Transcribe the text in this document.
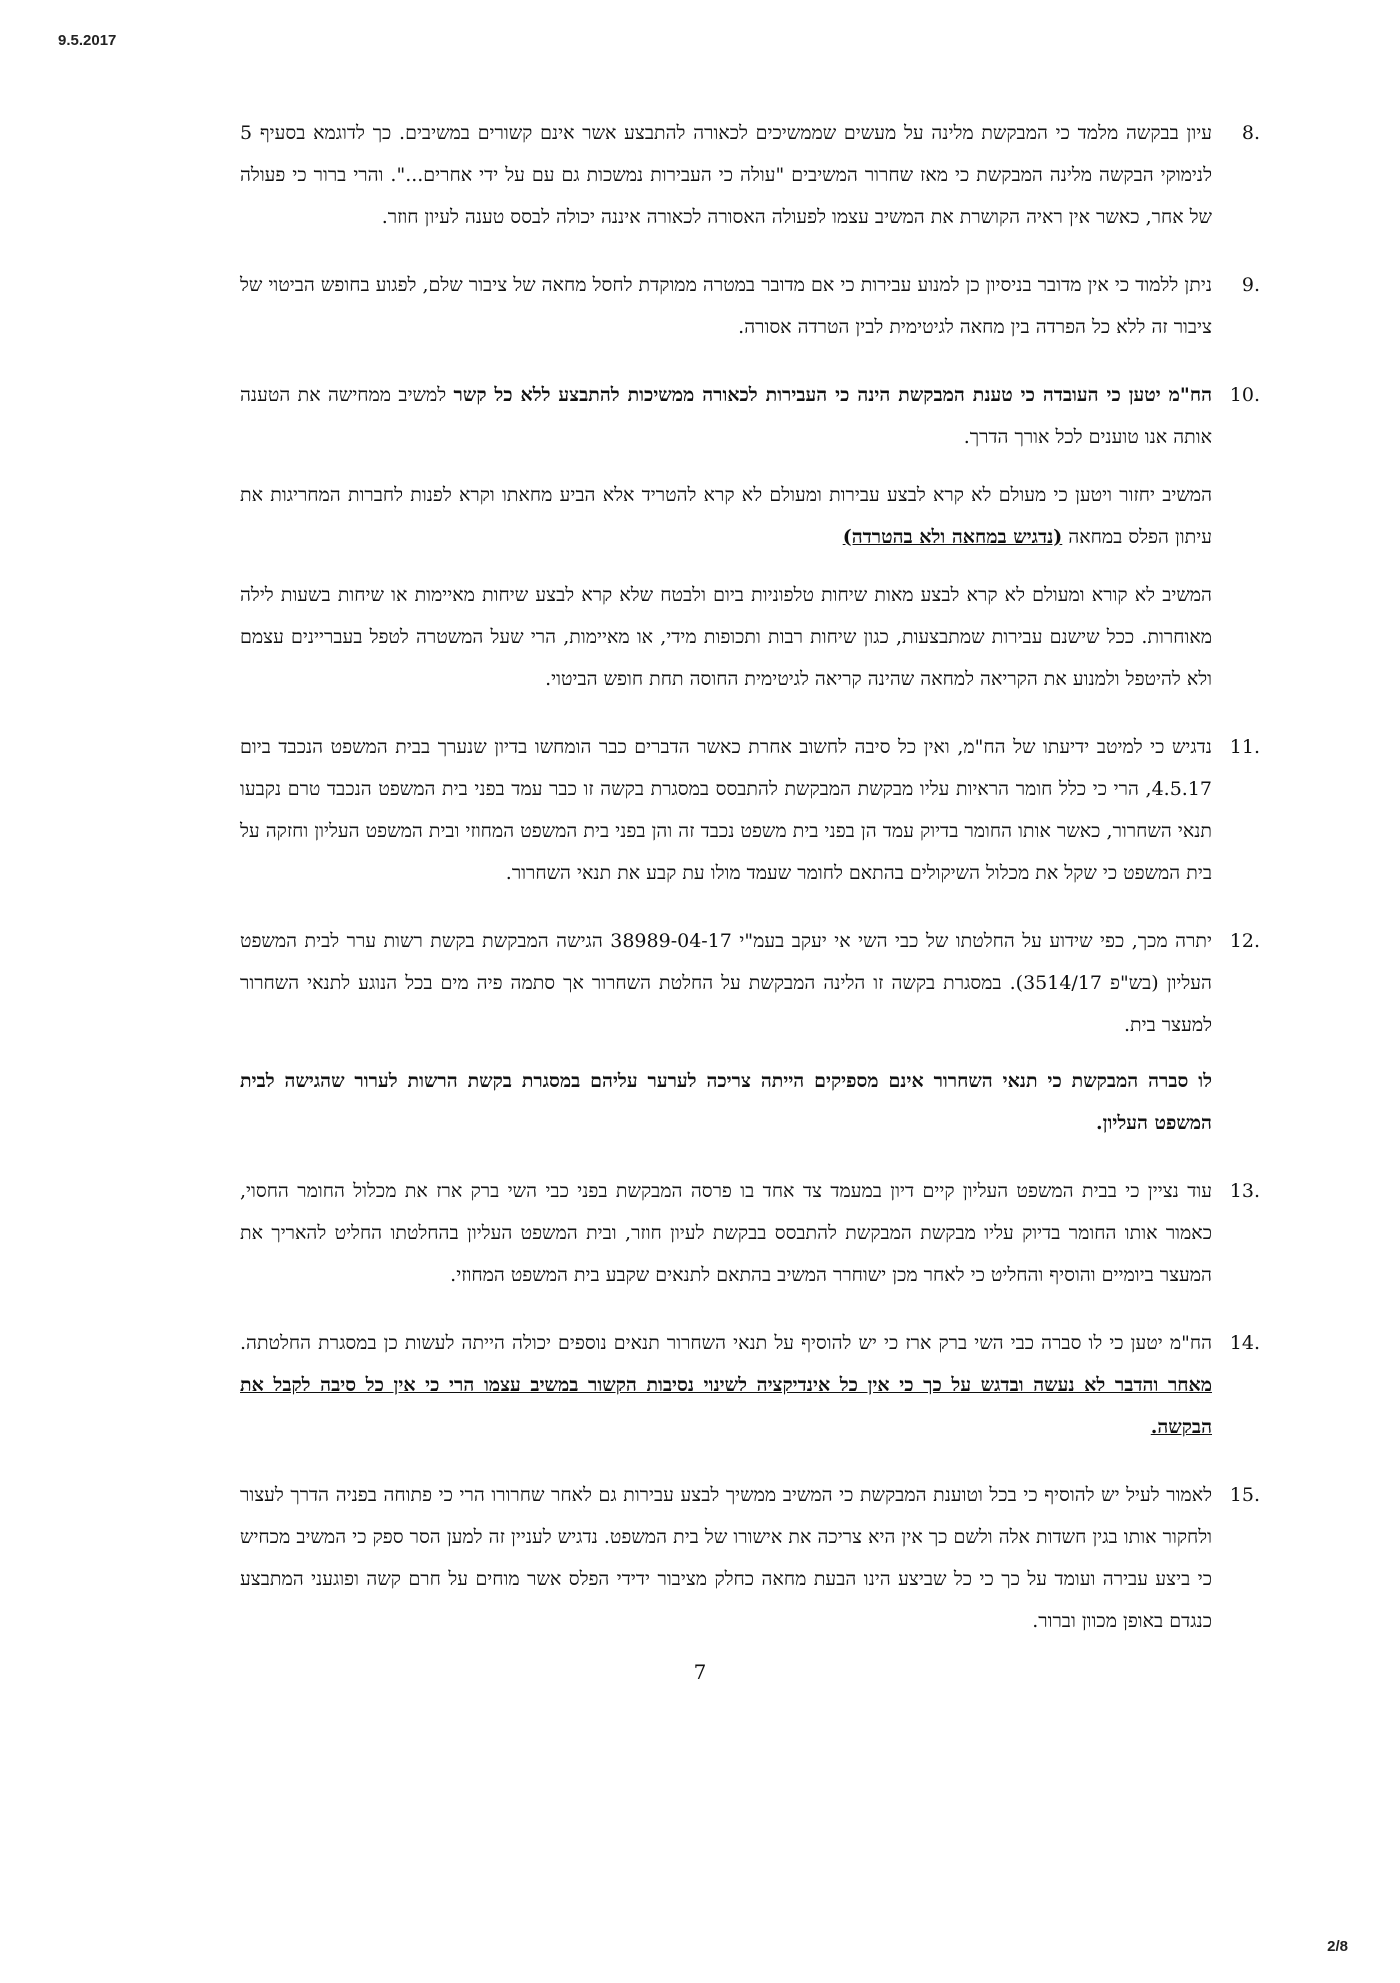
9.5.2017
8.
עיון בבקשה מלמד כי המבקשת מלינה על מעשים שממשיכים לכאורה להתבצע אשר אינם קשורים במשיבים. כך לדוגמא בסעיף 5 לנימוקי הבקשה מלינה המבקשת כי מאז שחרור המשיבים "עולה כי העבירות נמשכות גם עם על ידי אחרים...". והרי ברור כי פעולה של אחר, כאשר אין ראיה הקושרת את המשיב עצמו לפעולה האסורה לכאורה איננה יכולה לבסס טענה לעיון חוזר.
9.
ניתן ללמוד כי אין מדובר בניסיון כן למנוע עבירות כי אם מדובר במטרה ממוקדת לחסל מחאה של ציבור שלם, לפגוע בחופש הביטוי של ציבור זה ללא כל הפרדה בין מחאה לגיטימית לבין הטרדה אסורה.
10.
הח"מ יטען כי העובדה כי טענת המבקשת הינה כי העבירות לכאורה ממשיכות להתבצע ללא כל קשר למשיב ממחישה את הטענה אותה אנו טוענים לכל אורך הדרך.
המשיב יחזור ויטען כי מעולם לא קרא לבצע עבירות ומעולם לא קרא להטריד אלא הביע מחאתו וקרא לפנות לחברות המחריגות את עיתון הפלס במחאה (נדגיש במחאה ולא בהטרדה)
המשיב לא קורא ומעולם לא קרא לבצע מאות שיחות טלפוניות ביום ולבטח שלא קרא לבצע שיחות מאיימות או שיחות בשעות לילה מאוחרות. ככל שישנם עבירות שמתבצעות, כגון שיחות רבות ותכופות מידי, או מאיימות, הרי שעל המשטרה לטפל בעבריינים עצמם ולא להיטפל ולמנוע את הקריאה למחאה שהינה קריאה לגיטימית החוסה תחת חופש הביטוי.
11.
נדגיש כי למיטב ידיעתו של הח"מ, ואין כל סיבה לחשוב אחרת כאשר הדברים כבר הומחשו בדיון שנערך בבית המשפט הנכבד ביום 4.5.17, הרי כי כלל חומר הראיות עליו מבקשת המבקשת להתבסס במסגרת בקשה זו כבר עמד בפני בית המשפט הנכבד טרם נקבעו תנאי השחרור, כאשר אותו החומר בדיוק עמד הן בפני בית משפט נכבד זה והן בפני בית המשפט המחוזי ובית המשפט העליון וחזקה על בית המשפט כי שקל את מכלול השיקולים בהתאם לחומר שעמד מולו עת קבע את תנאי השחרור.
12.
יתרה מכך, כפי שידוע על החלטתו של כבי השי אי יעקב בעמ"י 38989-04-17 הגישה המבקשת בקשת רשות ערר לבית המשפט העליון (בש"פ 3514/17). במסגרת בקשה זו הלינה המבקשת על החלטת השחרור אך סתמה פיה מים בכל הנוגע לתנאי השחרור למעצר בית.
לו סברה המבקשת כי תנאי השחרור אינם מספיקים הייתה צריכה לערער עליהם במסגרת בקשת הרשות לערור שהגישה לבית המשפט העליון.
13.
עוד נציין כי בבית המשפט העליון קיים דיון במעמד צד אחד בו פרסה המבקשת בפני כבי השי ברק ארז את מכלול החומר החסוי, כאמור אותו החומר בדיוק עליו מבקשת המבקשת להתבסס בבקשת לעיון חוזר, ובית המשפט העליון בהחלטתו החליט להאריך את המעצר ביומיים והוסיף והחליט כי לאחר מכן ישוחרר המשיב בהתאם לתנאים שקבע בית המשפט המחוזי.
14.
הח"מ יטען כי לו סברה כבי השי ברק ארז כי יש להוסיף על תנאי השחרור תנאים נוספים יכולה הייתה לעשות כן במסגרת החלטתה. מאחר והדבר לא נעשה ובדגש על כך כי אין כל אינדיקציה לשינוי נסיבות הקשור במשיב עצמו הרי כי אין כל סיבה לקבל את הבקשה.
15.
לאמור לעיל יש להוסיף כי בכל וטוענת המבקשת כי המשיב ממשיך לבצע עבירות גם לאחר שחרורו הרי כי פתוחה בפניה הדרך לעצור ולחקור אותו בגין חשדות אלה ולשם כך אין היא צריכה את אישורו של בית המשפט. נדגיש לעניין זה למען הסר ספק כי המשיב מכחיש כי ביצע עבירה ועומד על כך כי כל שביצע הינו הבעת מחאה כחלק מציבור ידידי הפלס אשר מוחים על חרם קשה ופוגעני המתבצע כנגדם באופן מכוון וברור.
7
2/8
